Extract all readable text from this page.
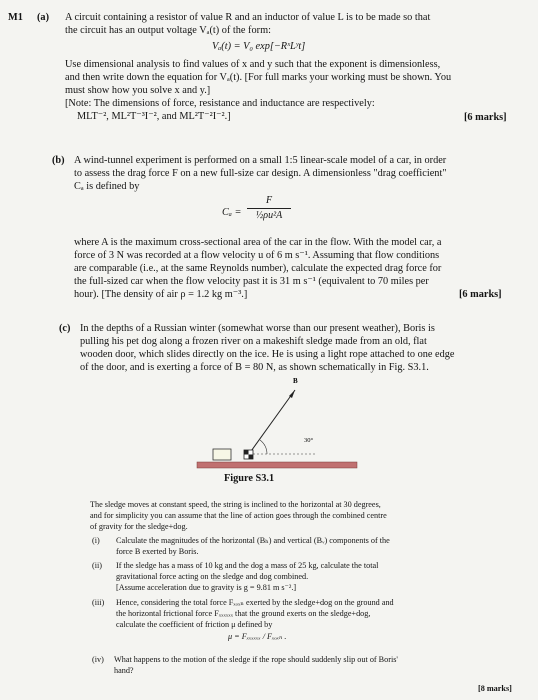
M1 (a) A circuit containing a resistor of value R and an inductor of value L is to be made so that
the circuit has an output voltage Vₐ(t) of the form:
Vₐ(t) = V₀ exp[−RˣLʸt]
Use dimensional analysis to find values of x and y such that the exponent is dimensionless,
and then write down the equation for Vₐ(t). [For full marks your working must be shown. You
must show how you solve x and y.]
[Note: The dimensions of force, resistance and inductance are respectively:
MLT⁻², ML²T⁻³I⁻², and ML²T⁻²I⁻².]	[6 marks]
(b) A wind-tunnel experiment is performed on a small 1:5 linear-scale model of a car, in order
to assess the drag force F on a new full-size car design. A dimensionless "drag coefficient"
Cₐ is defined by
Cₐ =
F
½ρu²A
where A is the maximum cross-sectional area of the car in the flow. With the model car, a
force of 3 N was recorded at a flow velocity u of 6 m s⁻¹. Assuming that flow conditions
are comparable (i.e., at the same Reynolds number), calculate the expected drag force for
the full-sized car when the flow velocity past it is 31 m s⁻¹ (equivalent to 70 miles per
hour). [The density of air ρ = 1.2 kg m⁻³.]	[6 marks]
(c) In the depths of a Russian winter (somewhat worse than our present weather), Boris is
pulling his pet dog along a frozen river on a makeshift sledge made from an old, flat
wooden door, which slides directly on the ice. He is using a light rope attached to one edge
of the door, and is exerting a force of B = 80 N, as shown schematically in Fig. S3.1.
B
30°
Figure S3.1
The sledge moves at constant speed, the string is inclined to the horizontal at 30 degrees,
and for simplicity you can assume that the line of action goes through the combined centre
of gravity for the sledge+dog.
(i) Calculate the magnitudes of the horizontal (Bₕ) and vertical (Bᵥ) components of the
force B exerted by Boris.
(ii) If the sledge has a mass of 10 kg and the dog a mass of 25 kg, calculate the total
gravitational force acting on the sledge and dog combined.
[Assume acceleration due to gravity is g = 9.81 m s⁻².]
(iii) Hence, considering the total force Fₓₒₓₙ exerted by the sledge+dog on the ground and
the horizontal frictional force Fₓₓₓₓₓₓ that the ground exerts on the sledge+dog,
calculate the coefficient of friction μ defined by
μ = Fₓₓₓₓₓₓ / Fₓₒₓₙ .
(iv) What happens to the motion of the sledge if the rope should suddenly slip out of Boris'
hand?
[8 marks]
